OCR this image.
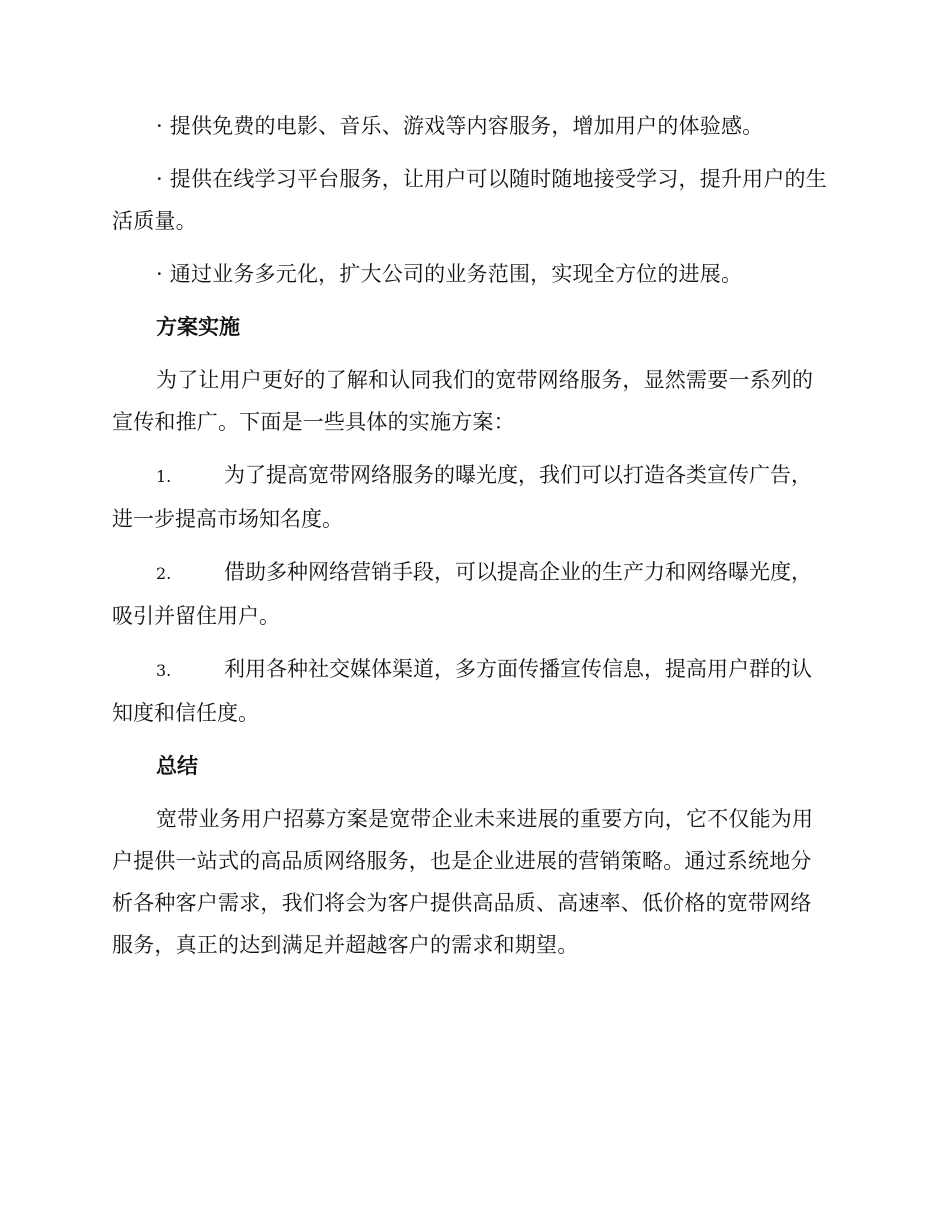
· 提供免费的电影、音乐、游戏等内容服务，增加用户的体验感。

· 提供在线学习平台服务，让用户可以随时随地接受学习，提升用户的生活质量。

· 通过业务多元化，扩大公司的业务范围，实现全方位的进展。

方案实施

为了让用户更好的了解和认同我们的宽带网络服务，显然需要一系列的宣传和推广。下面是一些具体的实施方案：

1.	为了提高宽带网络服务的曝光度，我们可以打造各类宣传广告，进一步提高市场知名度。

2.	借助多种网络营销手段，可以提高企业的生产力和网络曝光度，吸引并留住用户。

3.	利用各种社交媒体渠道，多方面传播宣传信息，提高用户群的认知度和信任度。

总结

宽带业务用户招募方案是宽带企业未来进展的重要方向，它不仅能为用户提供一站式的高品质网络服务，也是企业进展的营销策略。通过系统地分析各种客户需求，我们将会为客户提供高品质、高速率、低价格的宽带网络服务，真正的达到满足并超越客户的需求和期望。
